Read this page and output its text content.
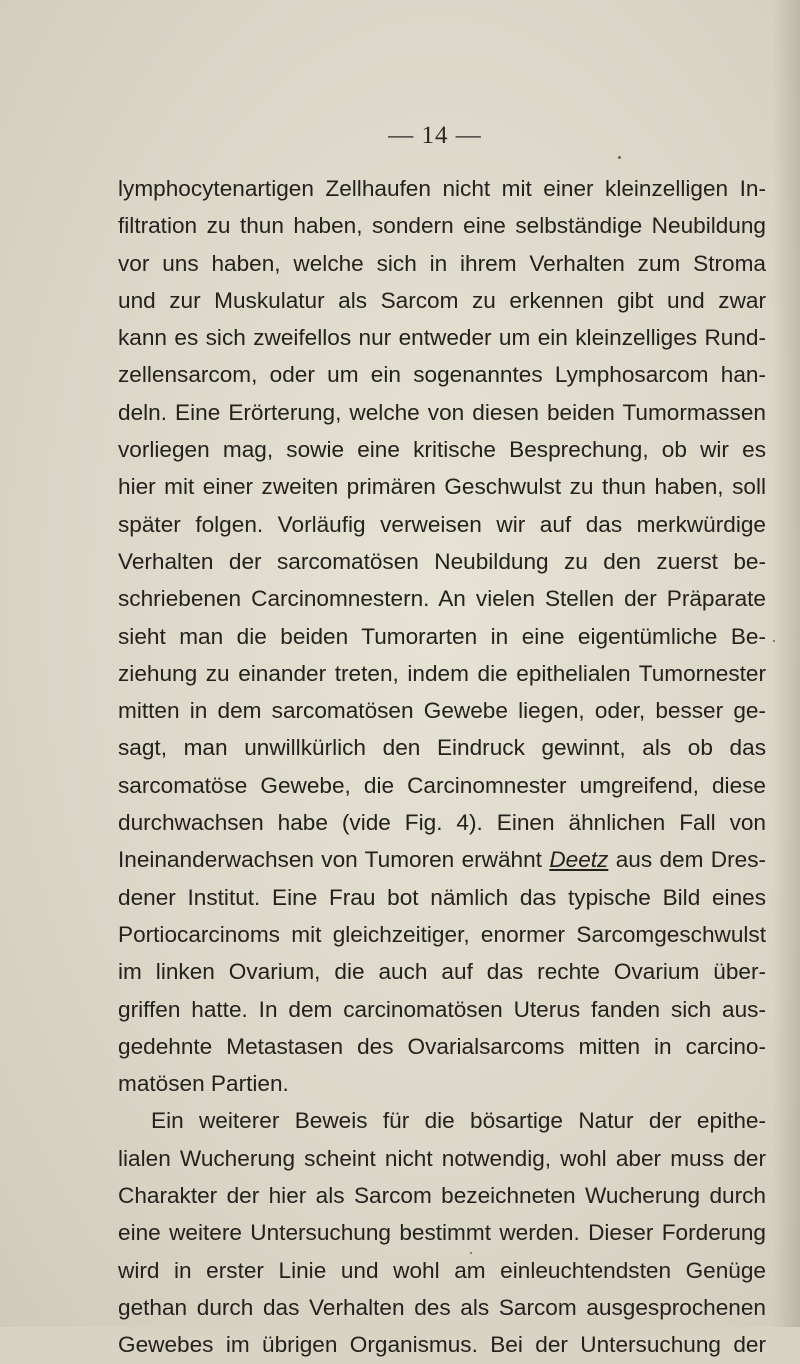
— 14 —
lymphocytenartigen Zellhaufen nicht mit einer kleinzelligen In-
filtration zu thun haben, sondern eine selbständige Neubildung
vor uns haben, welche sich in ihrem Verhalten zum Stroma
und zur Muskulatur als Sarcom zu erkennen gibt und zwar
kann es sich zweifellos nur entweder um ein kleinzelliges Rund-
zellensarcom, oder um ein sogenanntes Lymphosarcom han-
deln. Eine Erörterung, welche von diesen beiden Tumormassen
vorliegen mag, sowie eine kritische Besprechung, ob wir es
hier mit einer zweiten primären Geschwulst zu thun haben, soll
später folgen. Vorläufig verweisen wir auf das merkwürdige
Verhalten der sarcomatösen Neubildung zu den zuerst be-
schriebenen Carcinomnestern. An vielen Stellen der Präparate
sieht man die beiden Tumorarten in eine eigentümliche Be-
ziehung zu einander treten, indem die epithelialen Tumornester
mitten in dem sarcomatösen Gewebe liegen, oder, besser ge-
sagt, man unwillkürlich den Eindruck gewinnt, als ob das
sarcomatöse Gewebe, die Carcinomnester umgreifend, diese
durchwachsen habe (vide Fig. 4). Einen ähnlichen Fall von
Ineinanderwachsen von Tumoren erwähnt Deetz aus dem Dres-
dener Institut. Eine Frau bot nämlich das typische Bild eines
Portiocarcinoms mit gleichzeitiger, enormer Sarcomgeschwulst
im linken Ovarium, die auch auf das rechte Ovarium über-
griffen hatte. In dem carcinomatösen Uterus fanden sich aus-
gedehnte Metastasen des Ovarialsarcoms mitten in carcino-
matösen Partien.
Ein weiterer Beweis für die bösartige Natur der epithe-
lialen Wucherung scheint nicht notwendig, wohl aber muss der
Charakter der hier als Sarcom bezeichneten Wucherung durch
eine weitere Untersuchung bestimmt werden. Dieser Forderung
wird in erster Linie und wohl am einleuchtendsten Genüge
gethan durch das Verhalten des als Sarcom ausgesprochenen
Gewebes im übrigen Organismus. Bei der Untersuchung der
